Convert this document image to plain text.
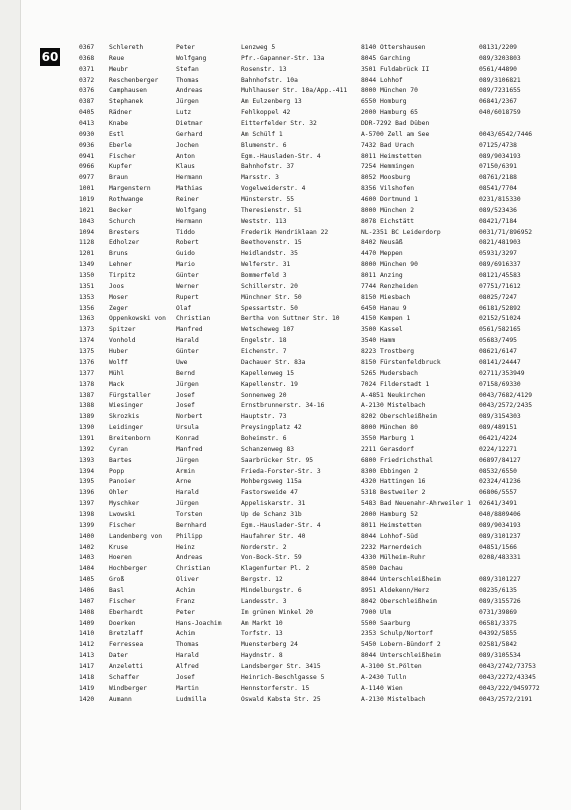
60
0367	Schlereth	Peter	Lenzweg 5	8140 Ottershausen	08131/2209
0368	Reue	Wolfgang	Pfr.-Gapanner-Str. 13a	8045 Garching	089/3203803
0371	Meubr	Stefan	Rosenstr. 13	3501 Fuldabrück II	0561/44890
0372	Reschenberger	Thomas	Bahnhofstr. 10a	8044 Lohhof	089/3106821
0376	Camphausen	Andreas	Muhlhauser Str. 10a/App.-411	8000 München 70	089/7231655
0387	Stephanek	Jürgen	Am Eulzenberg 13	6550 Homburg	06841/2367
0405	Rädner	Lutz	Fehlkoppel 42	2000 Hamburg 65	040/6018759
0413	Knabe	Dietmar	Eitterfelder Str. 32	DDR-7292 Bad Düben
0930	Estl	Gerhard	Am Schülf 1	A-5700 Zell am See	0043/6542/7446
0936	Eberle	Jochen	Blumenstr. 6	7432 Bad Urach	07125/4738
0941	Fischer	Anton	Egm.-Hausladen-Str. 4	8011 Heimstetten	089/9034193
0966	Kupfer	Klaus	Bahnhofstr. 37	7254 Hemmingen	07150/6391
0977	Braun	Hermann	Marsstr. 3	8052 Moosburg	08761/2188
1001	Margenstern	Mathias	Vogelweiderstr. 4	8356 Vilshofen	08541/7704
1019	Rothwange	Reiner	Münsterstr. 55	4600 Dortmund 1	0231/815330
1021	Becker	Wolfgang	Theresienstr. 51	8000 München 2	089/523436
1043	Schurch	Hermann	Weststr. 113	8078 Eichstätt	08421/7184
1094	Bresters	Tiddo	Frederik Hendriklaan 22	NL-2351 BC Leiderdorp	0031/71/896952
1128	Edholzer	Robert	Beethovenstr. 15	8402 Neusäß	0821/481903
1201	Bruns	Guido	Heidlandstr. 35	4470 Meppen	05931/3297
1349	Lehner	Mario	Welferstr. 31	8000 München 90	089/6916337
1350	Tirpitz	Günter	Bommerfeld 3	8011 Anzing	08121/45583
1351	Joos	Werner	Schillerstr. 20	7744 Renzheiden	07751/71612
1353	Moser	Rupert	Münchner Str. 50	8150 Miesbach	08025/7247
1356	Zeger	Olaf	Spessartstr. 50	6450 Hanau 9	06181/52892
1363	Oppenkowski von	Christian	Bertha von Suttner Str. 10	4150 Kempen 1	02152/51024
1373	Spitzer	Manfred	Wetscheweg 107	3500 Kassel	0561/582165
1374	Vonhold	Harald	Engelstr. 18	3540 Hamm	05683/7495
1375	Huber	Günter	Eichenstr. 7	8223 Trostberg	08621/6147
1376	Wolff	Uwe	Dachauer Str. 83a	8150 Fürstenfeldbruck	08141/24447
1377	Mühl	Bernd	Kapellenweg 15	5265 Mudersbach	02711/353949
1378	Mack	Jürgen	Kapellenstr. 19	7024 Filderstadt 1	07158/69330
1387	Fürgstaller	Josef	Sonnenweg 20	A-4851 Neukirchen	0043/7682/4129
1388	Wiesinger	Josef	Ernstbrunnerstr. 34-16	A-2130 Mistelbach	0043/2572/2435
1389	Skrozkis	Norbert	Hauptstr. 73	8202 Oberschleißheim	089/3154303
1390	Leidinger	Ursula	Preysingplatz 42	8000 München 80	089/489151
1391	Breitenborn	Konrad	Boheimstr. 6	3550 Marburg 1	06421/4224
1392	Cyran	Manfred	Schanzenweg 83	2211 Gerasdorf	0224/12271
1393	Bartes	Jürgen	Saarbrücker Str. 95	6800 Friedrichsthal	06897/84127
1394	Popp	Armin	Frieda-Forster-Str. 3	8300 Ebbingen 2	08532/6550
1395	Panoier	Arne	Mohbergsweg 115a	4320 Hattingen 16	02324/41236
1396	Ohler	Harald	Fastorsweide 47	5318 Bestweiler 2	06806/5557
1397	Myschker	Jürgen	Appeliskarstr. 31	5483 Bad Neuenahr-Ahrweiler 1	02641/3491
1398	Lwowski	Torsten	Up de Schanz 31b	2000 Hamburg 52	040/8809406
1399	Fischer	Bernhard	Egm.-Hauslader-Str. 4	8011 Heimstetten	089/9034193
1400	Landenberg von	Philipp	Haufahrer Str. 40	8044 Lohhof-Süd	089/3101237
1402	Kruse	Heinz	Norderstr. 2	2232 Marnerdeich	04851/1566
1403	Hoeren	Andreas	Von-Bock-Str. 59	4330 Mülheim-Ruhr	0208/483331
1404	Hochberger	Christian	Klagenfurter Pl. 2	8500 Dachau
1405	Groß	Oliver	Bergstr. 12	8044 Unterschleißheim	089/3101227
1406	Basl	Achim	Mindelburgstr. 6	8951 Aldekenn/Herz	08235/6135
1407	Fischer	Franz	Landesstr. 3	8042 Oberschleißheim	089/3155726
1408	Eberhardt	Peter	Im grünen Winkel 20	7900 Ulm	0731/39869
1409	Doerken	Hans-Joachim	Am Markt 10	5500 Saarburg	06581/3375
1410	Bretzlaff	Achim	Torfstr. 13	2353 Schulp/Nortorf	04392/5855
1412	Ferressea	Thomas	Muensterberg 24	5450 Lobern-Bündorf 2	02581/5842
1413	Dater	Harald	Haydnstr. 8	8044 Unterschleißheim	089/3105534
1417	Anzeletti	Alfred	Landsberger Str. 3415	A-3100 St.Pölten	0043/2742/73753
1418	Schaffer	Josef	Heinrich-Beschlgasse 5	A-2430 Tulln	0043/2272/43345
1419	Windberger	Martin	Hennstorferstr. 15	A-1140 Wien	0043/222/9459772
1420	Aumann	Ludmilla	Oswald Kabsta Str. 25	A-2130 Mistelbach	0043/2572/2191
